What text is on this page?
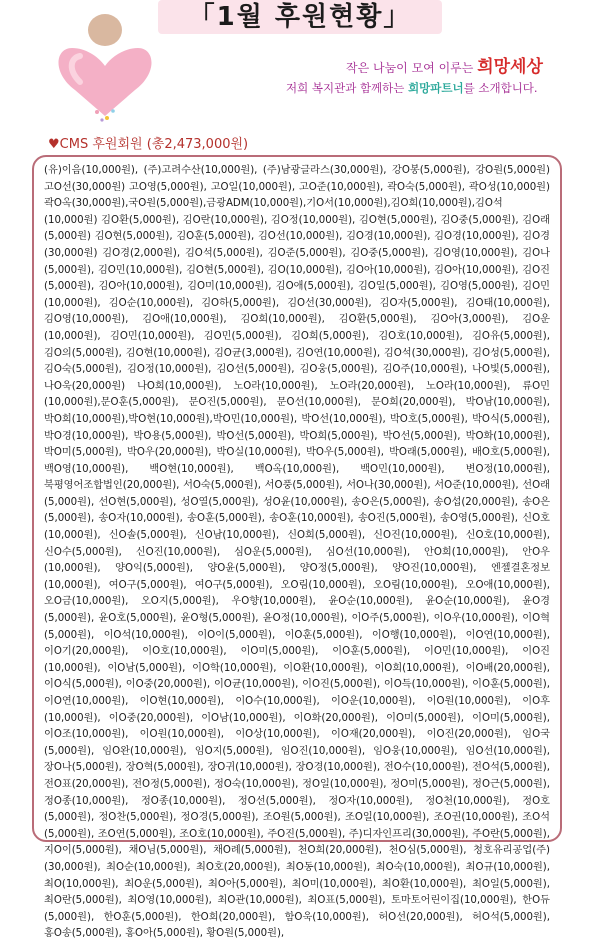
「1월 후원현황」
작은 나눔이 모여 이루는 희망세상
저희 복지관과 함께하는 희망파트너를 소개합니다.
♥CMS 후원회원 (총2,473,000원)
(유)이음(10,000원), (주)고려수산(10,000원), (주)남광글라스(30,000원), 강O봉(5,000원), 강O원(5,000원) 고O선(30,000원) 고O영(5,000원), 고O일(10,000원), 고O준(10,000원), 곽O숙(5,000원), 곽O성(10,000원) 곽O옥(30,000원),국O원(5,000원),금광ADM(10,000원),기O서(10,000원),김O희(10,000원),김O석(10,000원) 김O환(5,000원), 김O란(10,000원), 김O정(10,000원), 김O현(5,000원), 김O중(5,000원), 김O래(5,000원) 김O현(5,000원), 김O훈(5,000원), 김O선(10,000원), 김O경(10,000원), 김O경(10,000원), 김O경(30,000원) 김O경(2,000원), 김O석(5,000원), 김O준(5,000원), 김O중(5,000원), 김O영(10,000원), 김O나(5,000원), 김O민(10,000원), 김O현(5,000원), 김O(10,000원), 김O아(10,000원), 김O아(10,000원), 김O진(5,000원), 김O아(10,000원), 김O미(10,000원), 김O애(5,000원), 김O일(5,000원), 김O영(5,000원), 김O민(10,000원), 김O순(10,000원), 김O하(5,000원), 김O선(30,000원), 김O자(5,000원), 김O태(10,000원), 김O영(10,000원), 김O애(10,000원), 김O희(10,000원), 김O환(5,000원), 김O아(3,000원), 김O운(10,000원), 김O민(10,000원), 김O민(5,000원), 김O희(5,000원), 김O호(10,000원), 김O유(5,000원), 김O의(5,000원), 김O현(10,000원), 김O균(3,000원), 김O연(10,000원), 김O석(30,000원), 김O성(5,000원), 김O숙(5,000원), 김O정(10,000원), 김O선(5,000원), 김O웅(5,000원), 김O주(10,000원), 나O빛(5,000원), 나O욱(20,000원) 나O희(10,000원), 노O라(10,000원), 노O라(20,000원), 노O라(10,000원), 류O민(10,000원),문O훈(5,000원), 문O진(5,000원), 문O선(10,000원), 문O희(20,000원), 박O남(10,000원), 박O희(10,000원),박O현(10,000원),박O민(10,000원), 박O선(10,000원), 박O호(5,000원), 박O식(5,000원), 박O경(10,000원), 박O용(5,000원), 박O선(5,000원), 박O희(5,000원), 박O선(5,000원), 박O화(10,000원), 박O미(5,000원), 박O우(20,000원), 박O실(10,000원), 박O우(5,000원), 박O래(5,000원), 배O호(5,000원), 백O영(10,000원), 백O현(10,000원), 백O옥(10,000원), 백O민(10,000원), 변O정(10,000원), 북평영어조합법인(20,000원), 서O숙(5,000원), 서O풍(5,000원), 서O나(30,000원), 서O준(10,000원), 선O래(5,000원), 선O현(5,000원), 성O열(5,000원), 성O윤(10,000원), 송O은(5,000원), 송O섭(20,000원), 송O은(5,000원), 송O자(10,000원), 송O훈(5,000원), 송O훈(10,000원), 송O진(5,000원), 송O영(5,000원), 신O호(10,000원), 신O솔(5,000원), 신O남(10,000원), 신O희(5,000원), 신O진(10,000원), 신O호(10,000원), 신O수(5,000원), 신O진(10,000원), 심O운(5,000원), 심O선(10,000원), 안O희(10,000원), 안O우(10,000원), 양O익(5,000원), 양O윤(5,000원), 양O정(5,000원), 양O진(10,000원), 엔젤결혼정보(10,000원), 여O구(5,000원), 여O구(5,000원), 오O림(10,000원), 오O림(10,000원), 오O애(10,000원), 오O금(10,000원), 오O지(5,000원), 우O향(10,000원), 윤O순(10,000원), 윤O순(10,000원), 윤O경(5,000원), 윤O호(5,000원), 윤O형(5,000원), 윤O정(10,000원), 이O주(5,000원), 이O우(10,000원), 이O혁(5,000원), 이O석(10,000원), 이O이(5,000원), 이O훈(5,000원), 이O행(10,000원), 이O연(10,000원), 이O기(20,000원), 이O호(10,000원), 이O미(5,000원), 이O훈(5,000원), 이O민(10,000원), 이O진(10,000원), 이O남(5,000원), 이O학(10,000원), 이O환(10,000원), 이O희(10,000원), 이O배(20,000원), 이O식(5,000원), 이O중(20,000원), 이O균(10,000원), 이O진(5,000원), 이O득(10,000원), 이O훈(5,000원), 이O연(10,000원), 이O현(10,000원), 이O수(10,000원), 이O운(10,000원), 이O원(10,000원), 이O후(10,000원), 이O중(20,000원), 이O남(10,000원), 이O화(20,000원), 이O미(5,000원), 이O미(5,000원), 이O조(10,000원), 이O원(10,000원), 이O상(10,000원), 이O재(20,000원), 이O진(20,000원), 임O국(5,000원), 임O완(10,000원), 임O지(5,000원), 임O진(10,000원), 임O웅(10,000원), 임O선(10,000원), 장O나(5,000원), 장O혁(5,000원), 장O귀(10,000원), 장O경(10,000원), 전O수(10,000원), 전O석(5,000원), 전O표(20,000원), 전O정(5,000원), 정O숙(10,000원), 정O일(10,000원), 정O미(5,000원), 정O근(5,000원), 정O종(10,000원), 정O종(10,000원), 정O선(5,000원), 정O자(10,000원), 정O천(10,000원), 정O호(5,000원), 정O찬(5,000원), 정O경(5,000원), 조O원(5,000원), 조O일(10,000원), 조O권(10,000원), 조O석(5,000원), 조O연(5,000원), 조O호(10,000원), 주O진(5,000원), 주)디자인프리(30,000원), 주O란(5,000원), 지O이(5,000원), 채O님(5,000원), 채O례(5,000원), 천O희(20,000원), 천O심(5,000원), 청호유리공업(주)(30,000원), 최O순(10,000원), 최O호(20,000원), 최O동(10,000원), 최O숙(10,000원), 최O규(10,000원), 최O(10,000원), 최O운(5,000원), 최O아(5,000원), 최O미(10,000원), 최O환(10,000원), 최O일(5,000원), 최O란(5,000원), 최O영(10,000원), 최O관(10,000원), 최O표(5,000원), 토마토어린이집(10,000원), 한O듀(5,000원), 한O훈(5,000원), 한O희(20,000원), 함O욱(10,000원), 허O선(20,000원), 허O석(5,000원), 홍O송(5,000원), 홍O아(5,000원), 황O원(5,000원),
